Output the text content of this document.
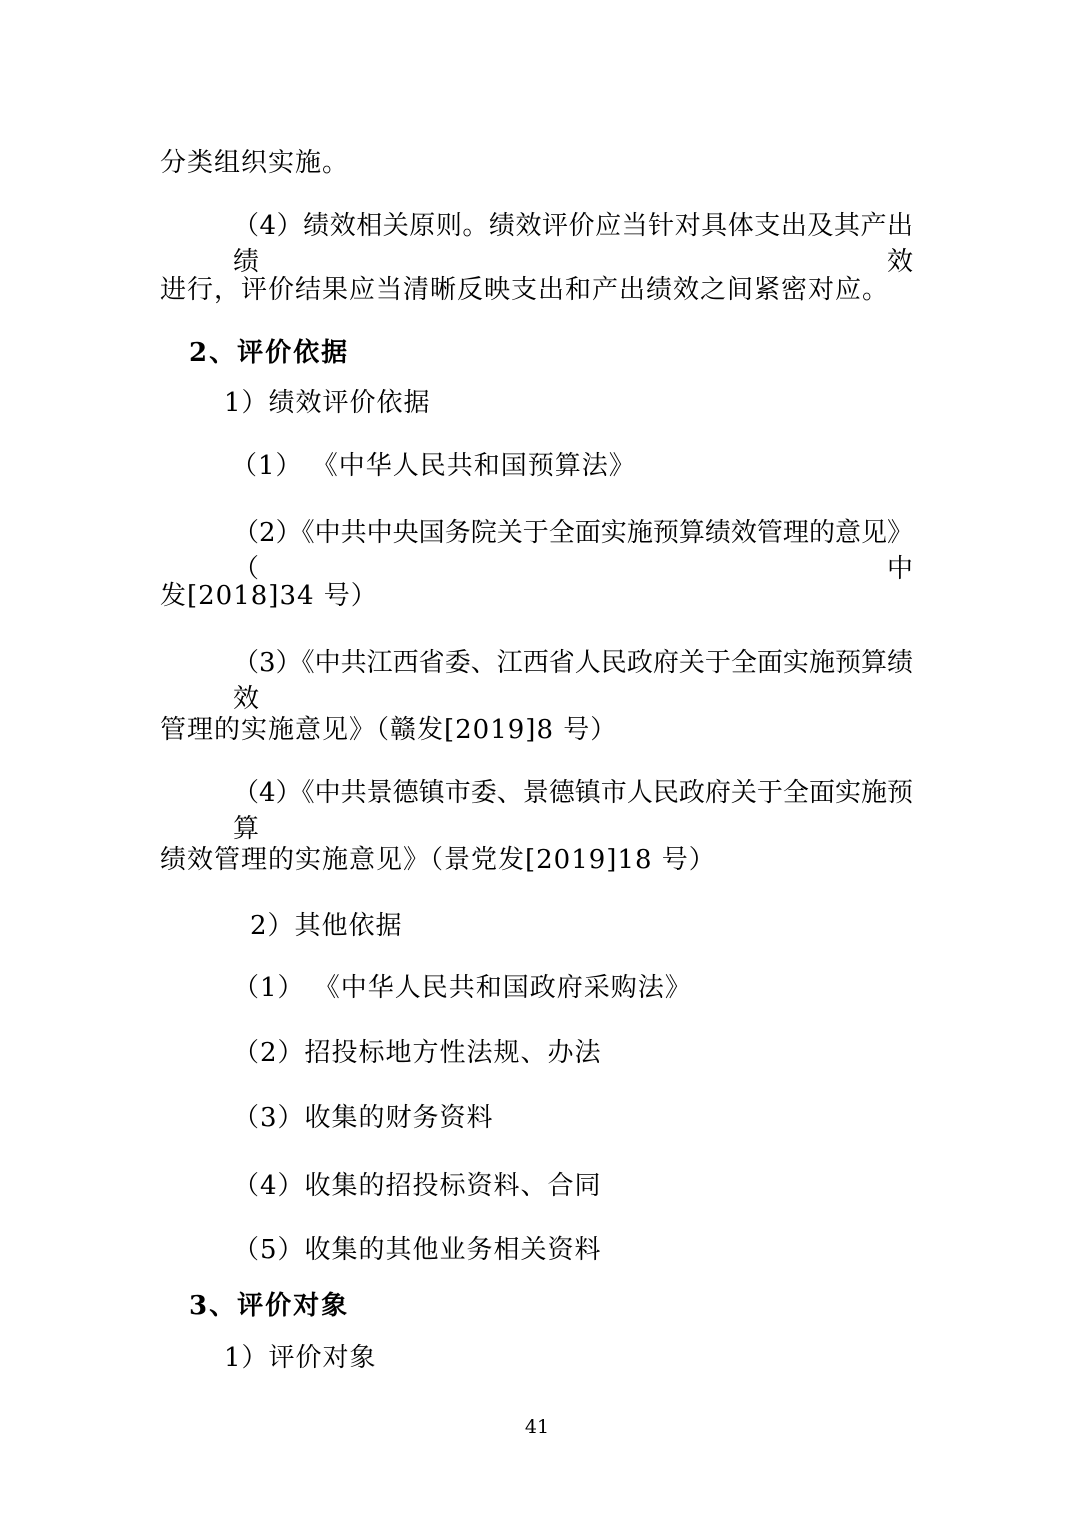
分类组织实施。
（4）绩效相关原则。绩效评价应当针对具体支出及其产出绩效
进行，评价结果应当清晰反映支出和产出绩效之间紧密对应。
2、评价依据
1）绩效评价依据
（1） 《中华人民共和国预算法》
（2）《中共中央国务院关于全面实施预算绩效管理的意见》（中
发[2018]34 号）
（3）《中共江西省委、江西省人民政府关于全面实施预算绩效
管理的实施意见》（赣发[2019]8 号）
（4）《中共景德镇市委、景德镇市人民政府关于全面实施预算
绩效管理的实施意见》（景党发[2019]18 号）
2）其他依据
（1） 《中华人民共和国政府采购法》
（2）招投标地方性法规、办法
（3）收集的财务资料
（4）收集的招投标资料、合同
（5）收集的其他业务相关资料
3、评价对象
1）评价对象
41
